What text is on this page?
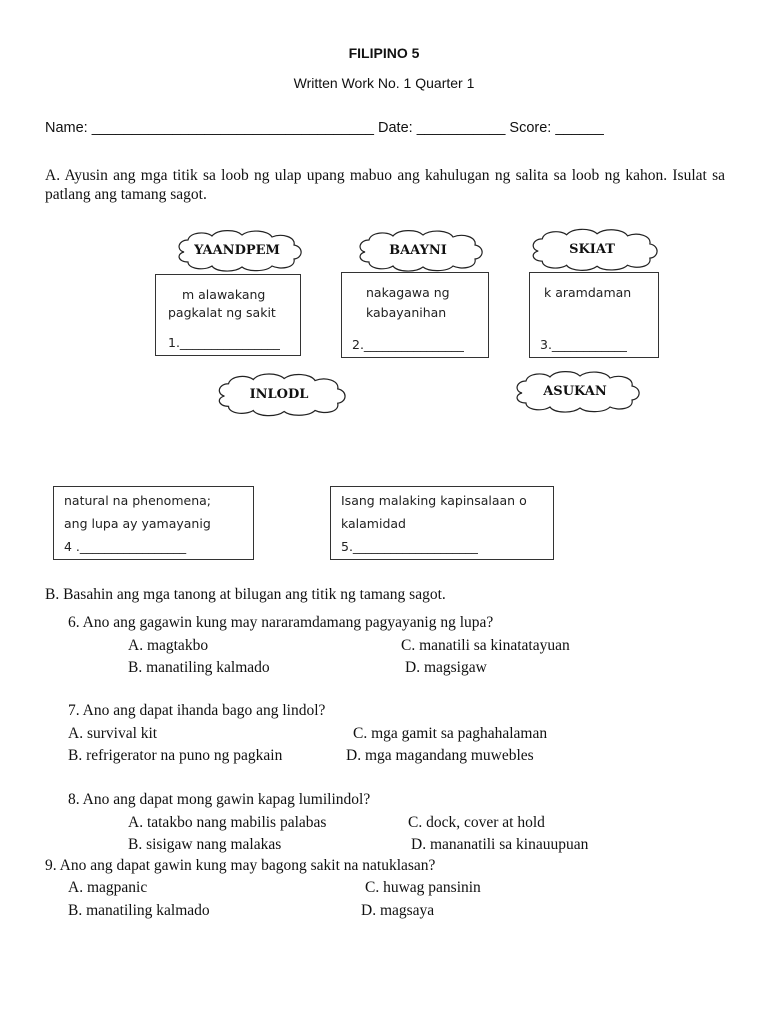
FILIPINO 5
Written Work No. 1 Quarter 1
Name: ___________________________________ Date: ___________ Score: ______
A. Ayusin ang mga titik sa loob ng ulap upang mabuo ang kahulugan ng salita sa loob ng kahon. Isulat sa patlang ang tamang sagot.
YAANDPEM	BAAYNI	SKIAT
INLODL	ASUKAN
m alawakang
pagkalat ng sakit
1.________________
nakagawa ng
kabayanihan
2.________________
k aramdaman
3.____________
natural na phenomena;
ang lupa ay yamayanig
4 ._________________
Isang malaking kapinsalaan o
kalamidad
5.____________________
B. Basahin ang mga tanong at bilugan ang titik ng tamang sagot.
6. Ano ang gagawin kung may nararamdamang pagyayanig ng lupa?
A. magtakbo	C. manatili sa kinatatayuan
B. manatiling kalmado	D. magsigaw
7. Ano ang dapat ihanda bago ang lindol?
A. survival kit	C. mga gamit sa paghahalaman
B. refrigerator na puno ng pagkain	D. mga magandang muwebles
8. Ano ang dapat mong gawin kapag lumilindol?
A. tatakbo nang mabilis palabas	C. dock, cover at hold
B. sisigaw nang malakas	D. mananatili sa kinauupuan
9. Ano ang dapat gawin kung may bagong sakit na natuklasan?
A. magpanic	C. huwag pansinin
B. manatiling kalmado	D. magsaya
